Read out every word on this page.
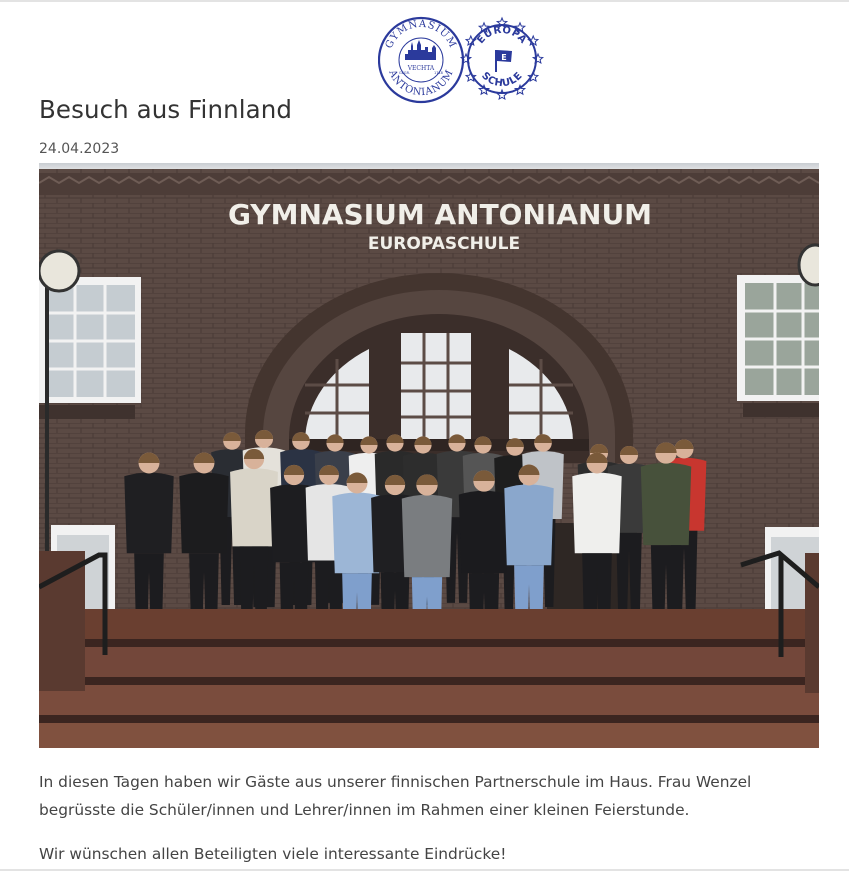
GYMNASIUM
ANTONIANUM
VECHTA
GEGR.	1718
EUROPA
SCHULE
E
Besuch aus Finnland
24.04.2023
GYMNASIUM ANTONIANUM
EUROPASCHULE

In diesen Tagen haben wir Gäste aus unserer finnischen Partnerschule im Haus. Frau Wenzel begrüsste die Schüler/innen und Lehrer/innen im Rahmen einer kleinen Feierstunde.

Wir wünschen allen Beteiligten viele interessante Eindrücke!
